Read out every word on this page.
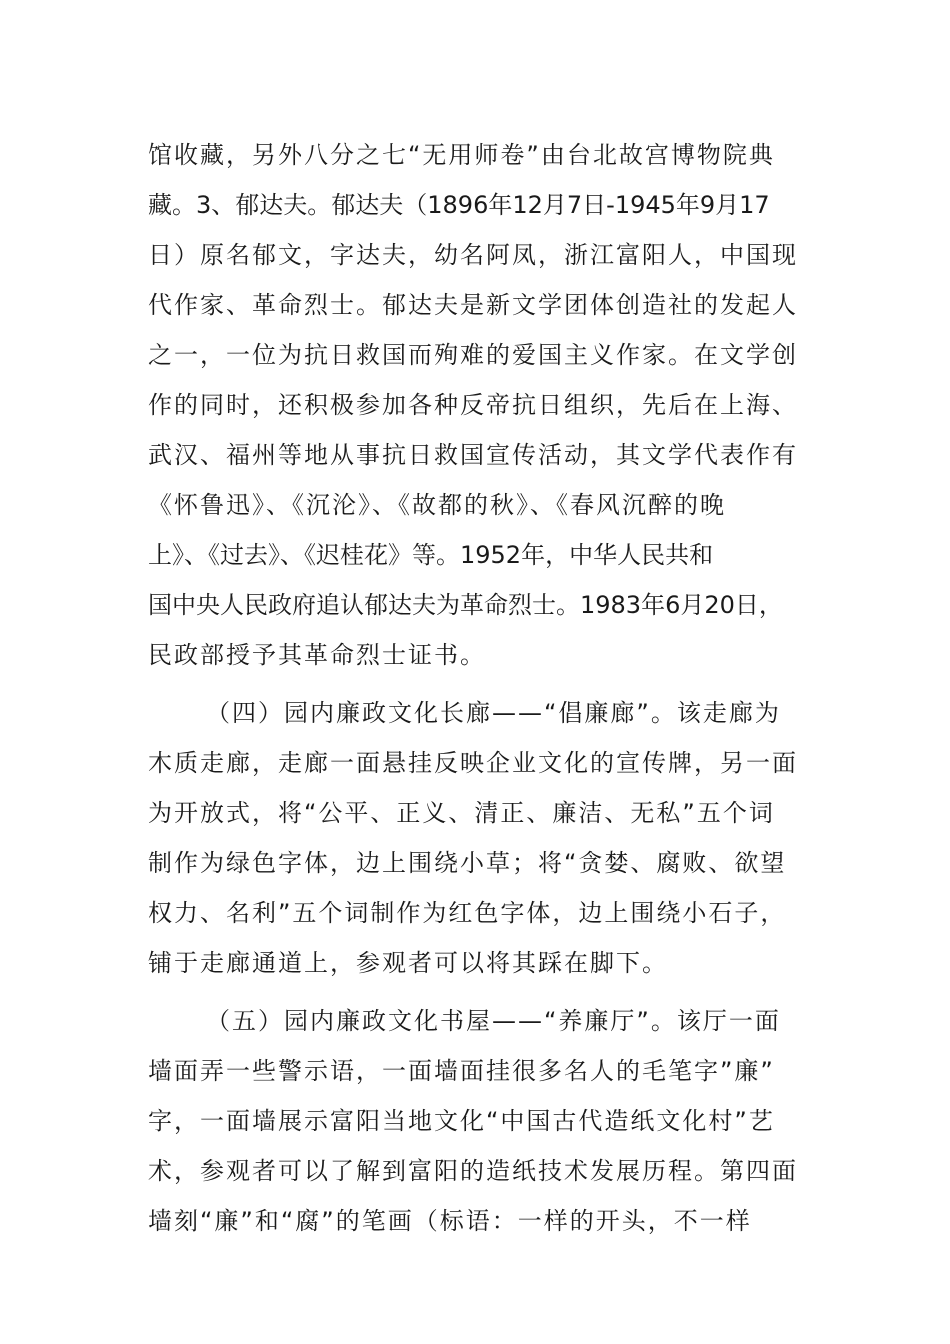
馆收藏，另外八分之七“无用师卷”由台北故宫博物院典
藏。3、郁达夫。郁达夫（1896年12月7日-1945年9月17
日）原名郁文，字达夫，幼名阿凤，浙江富阳人，中国现
代作家、革命烈士。郁达夫是新文学团体创造社的发起人
之一，一位为抗日救国而殉难的爱国主义作家。在文学创
作的同时，还积极参加各种反帝抗日组织，先后在上海、
武汉、福州等地从事抗日救国宣传活动，其文学代表作有
《怀鲁迅》、《沉沦》、《故都的秋》、《春风沉醉的晚
上》、《过去》、《迟桂花》等。1952年，中华人民共和
国中央人民政府追认郁达夫为革命烈士。1983年6月20日，
民政部授予其革命烈士证书。
（四）园内廉政文化长廊——“倡廉廊”。该走廊为
木质走廊，走廊一面悬挂反映企业文化的宣传牌，另一面
为开放式，将“公平、正义、清正、廉洁、无私”五个词
制作为绿色字体，边上围绕小草；将“贪婪、腐败、欲望
权力、名利”五个词制作为红色字体，边上围绕小石子，
铺于走廊通道上，参观者可以将其踩在脚下。
（五）园内廉政文化书屋——“养廉厅”。该厅一面
墙面弄一些警示语，一面墙面挂很多名人的毛笔字”廉”
字，一面墙展示富阳当地文化“中国古代造纸文化村”艺
术，参观者可以了解到富阳的造纸技术发展历程。第四面
墙刻“廉”和“腐”的笔画（标语：一样的开头，不一样
